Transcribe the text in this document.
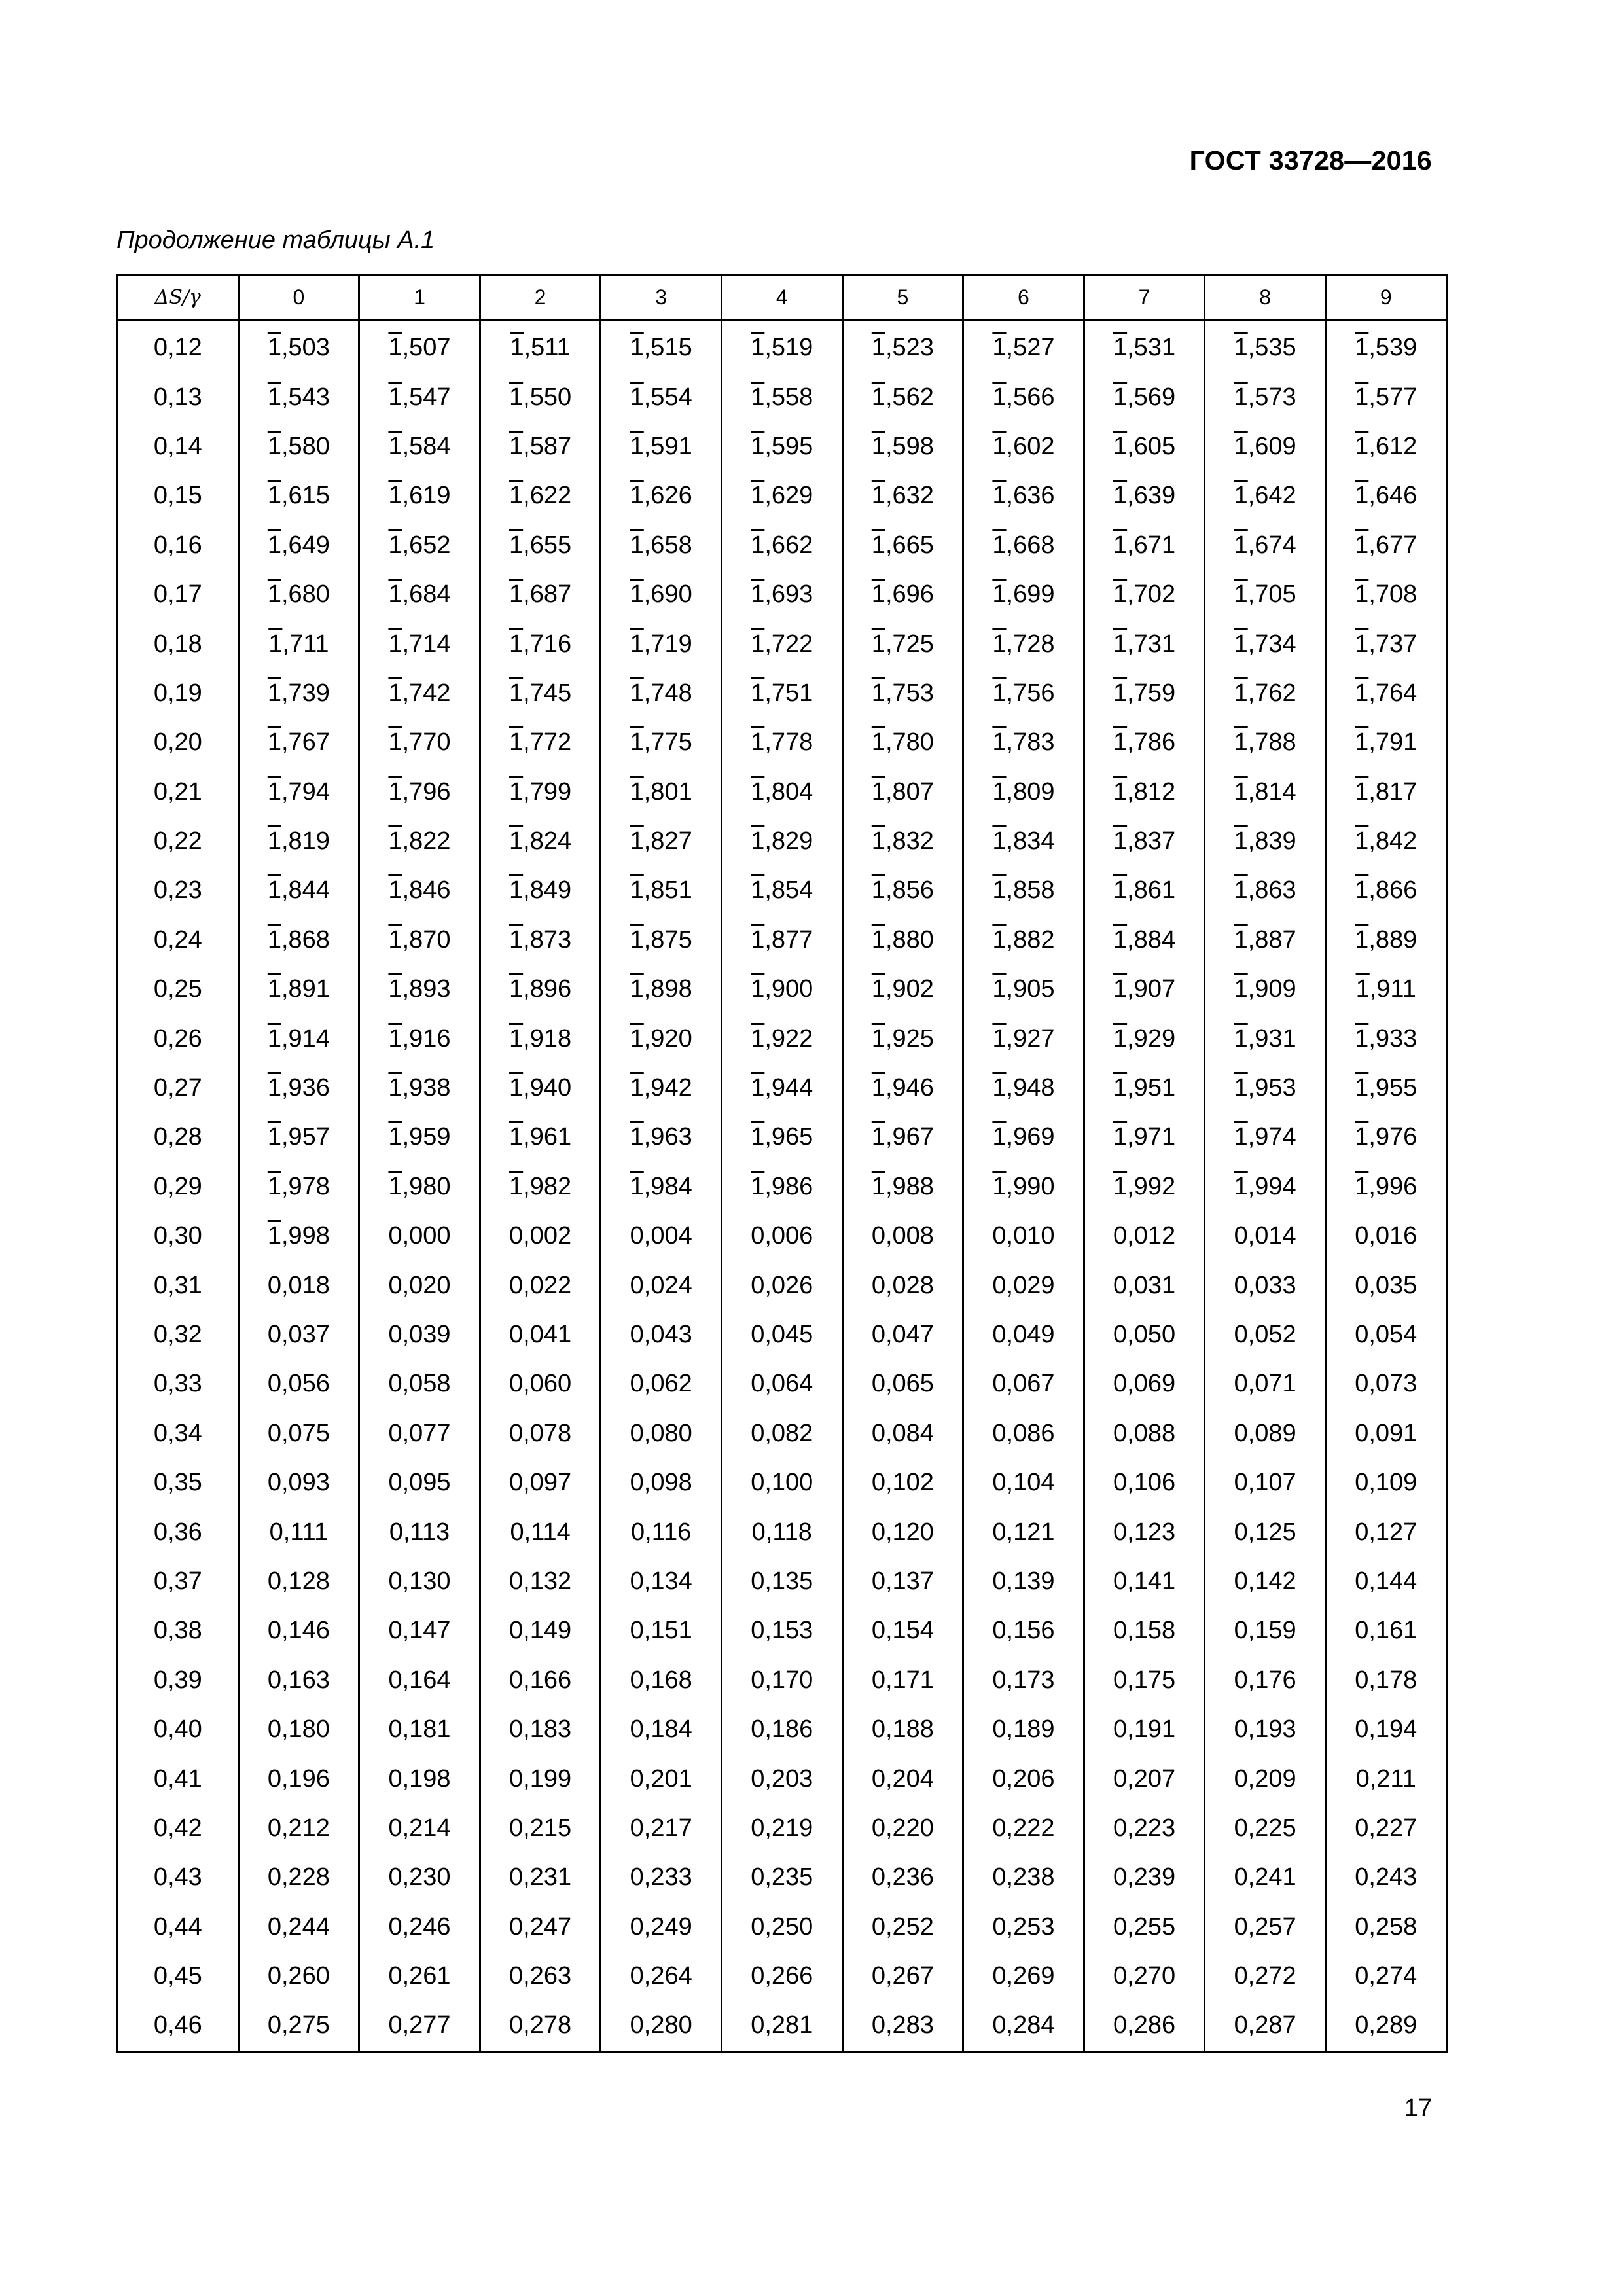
ГОСТ 33728—2016
Продолжение таблицы А.1
ΔS/γ	0	1	2	3	4	5	6	7	8	9
0,12	1,503	1,507	1,511	1,515	1,519	1,523	1,527	1,531	1,535	1,539
0,13	1,543	1,547	1,550	1,554	1,558	1,562	1,566	1,569	1,573	1,577
0,14	1,580	1,584	1,587	1,591	1,595	1,598	1,602	1,605	1,609	1,612
0,15	1,615	1,619	1,622	1,626	1,629	1,632	1,636	1,639	1,642	1,646
0,16	1,649	1,652	1,655	1,658	1,662	1,665	1,668	1,671	1,674	1,677
0,17	1,680	1,684	1,687	1,690	1,693	1,696	1,699	1,702	1,705	1,708
0,18	1,711	1,714	1,716	1,719	1,722	1,725	1,728	1,731	1,734	1,737
0,19	1,739	1,742	1,745	1,748	1,751	1,753	1,756	1,759	1,762	1,764
0,20	1,767	1,770	1,772	1,775	1,778	1,780	1,783	1,786	1,788	1,791
0,21	1,794	1,796	1,799	1,801	1,804	1,807	1,809	1,812	1,814	1,817
0,22	1,819	1,822	1,824	1,827	1,829	1,832	1,834	1,837	1,839	1,842
0,23	1,844	1,846	1,849	1,851	1,854	1,856	1,858	1,861	1,863	1,866
0,24	1,868	1,870	1,873	1,875	1,877	1,880	1,882	1,884	1,887	1,889
0,25	1,891	1,893	1,896	1,898	1,900	1,902	1,905	1,907	1,909	1,911
0,26	1,914	1,916	1,918	1,920	1,922	1,925	1,927	1,929	1,931	1,933
0,27	1,936	1,938	1,940	1,942	1,944	1,946	1,948	1,951	1,953	1,955
0,28	1,957	1,959	1,961	1,963	1,965	1,967	1,969	1,971	1,974	1,976
0,29	1,978	1,980	1,982	1,984	1,986	1,988	1,990	1,992	1,994	1,996
0,30	1,998	0,000	0,002	0,004	0,006	0,008	0,010	0,012	0,014	0,016
0,31	0,018	0,020	0,022	0,024	0,026	0,028	0,029	0,031	0,033	0,035
0,32	0,037	0,039	0,041	0,043	0,045	0,047	0,049	0,050	0,052	0,054
0,33	0,056	0,058	0,060	0,062	0,064	0,065	0,067	0,069	0,071	0,073
0,34	0,075	0,077	0,078	0,080	0,082	0,084	0,086	0,088	0,089	0,091
0,35	0,093	0,095	0,097	0,098	0,100	0,102	0,104	0,106	0,107	0,109
0,36	0,111	0,113	0,114	0,116	0,118	0,120	0,121	0,123	0,125	0,127
0,37	0,128	0,130	0,132	0,134	0,135	0,137	0,139	0,141	0,142	0,144
0,38	0,146	0,147	0,149	0,151	0,153	0,154	0,156	0,158	0,159	0,161
0,39	0,163	0,164	0,166	0,168	0,170	0,171	0,173	0,175	0,176	0,178
0,40	0,180	0,181	0,183	0,184	0,186	0,188	0,189	0,191	0,193	0,194
0,41	0,196	0,198	0,199	0,201	0,203	0,204	0,206	0,207	0,209	0,211
0,42	0,212	0,214	0,215	0,217	0,219	0,220	0,222	0,223	0,225	0,227
0,43	0,228	0,230	0,231	0,233	0,235	0,236	0,238	0,239	0,241	0,243
0,44	0,244	0,246	0,247	0,249	0,250	0,252	0,253	0,255	0,257	0,258
0,45	0,260	0,261	0,263	0,264	0,266	0,267	0,269	0,270	0,272	0,274
0,46	0,275	0,277	0,278	0,280	0,281	0,283	0,284	0,286	0,287	0,289
17
